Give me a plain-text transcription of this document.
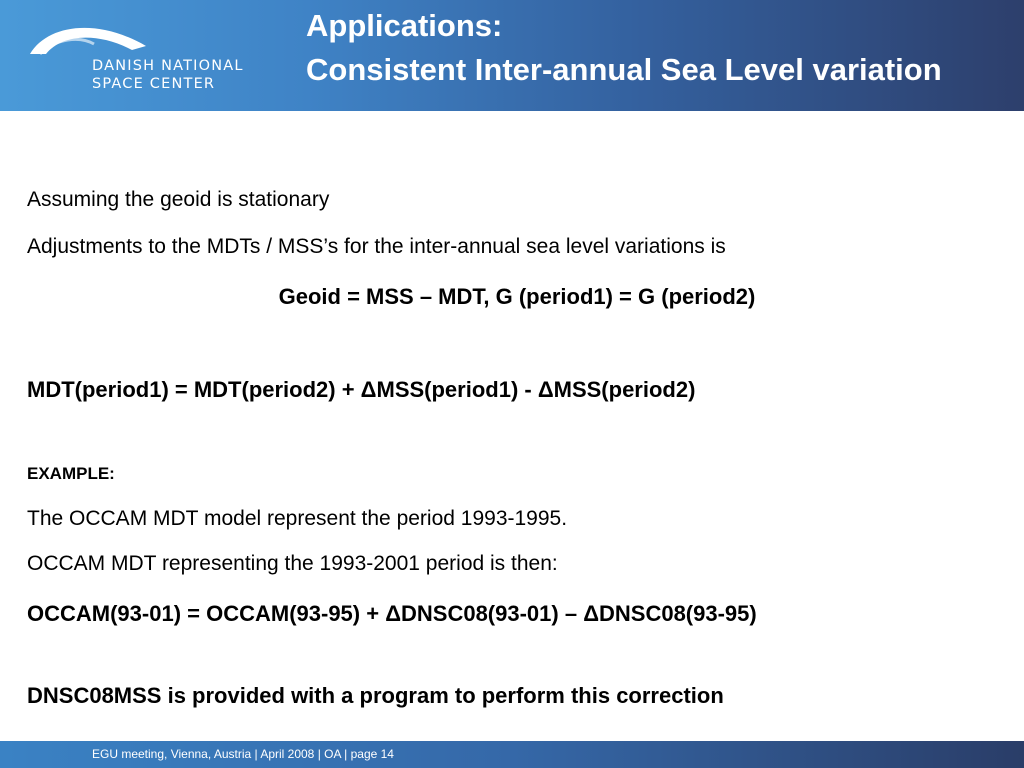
DANISH NATIONAL
SPACE CENTER
Applications:
Consistent Inter-annual Sea Level variation
Assuming the geoid is stationary
Adjustments to the MDTs / MSS’s for the inter-annual sea level variations is
Geoid = MSS – MDT, G (period1) = G (period2)
MDT(period1) = MDT(period2) + ΔMSS(period1) - ΔMSS(period2)
EXAMPLE:
The OCCAM MDT model represent the period 1993-1995.
OCCAM MDT representing the 1993-2001 period is then:
OCCAM(93-01) = OCCAM(93-95) + ΔDNSC08(93-01) – ΔDNSC08(93-95)
DNSC08MSS is provided with a program to perform this correction
EGU meeting, Vienna, Austria | April 2008 | OA | page 14
